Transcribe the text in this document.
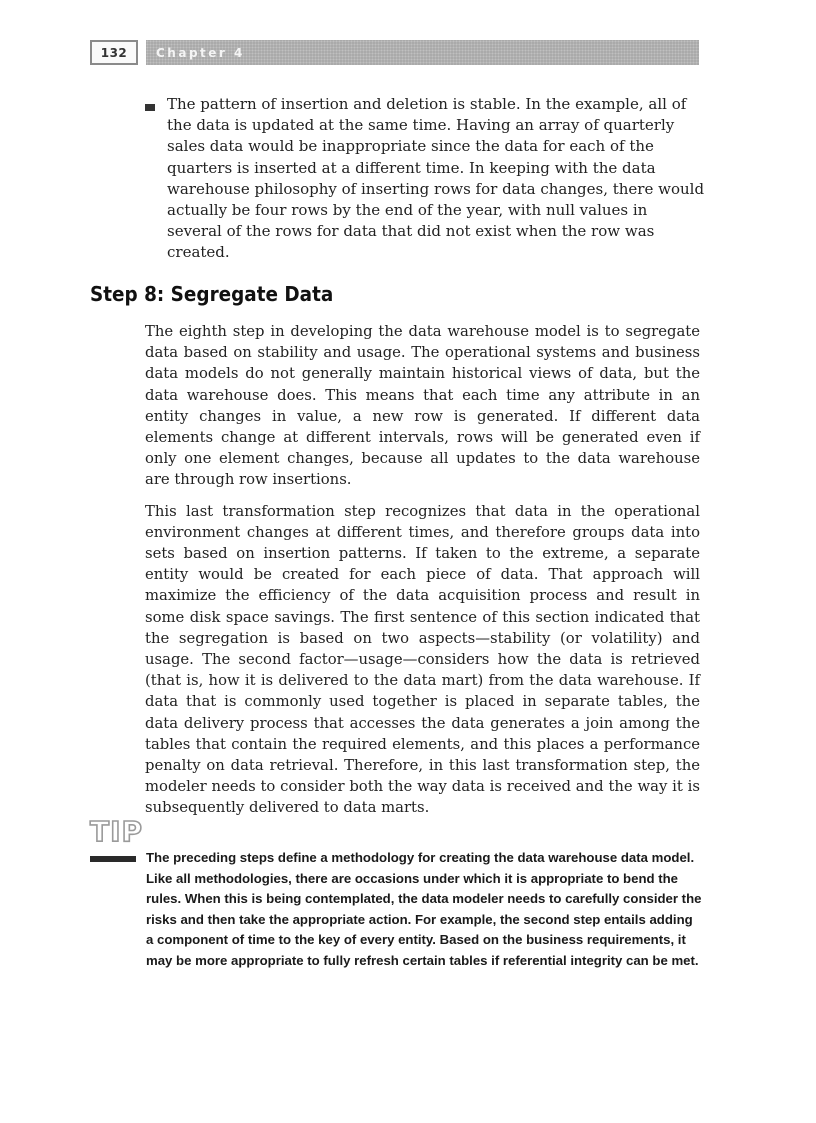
132	Chapter 4

The pattern of insertion and deletion is stable. In the example, all of the data is updated at the same time. Having an array of quarterly sales data would be inappropriate since the data for each of the quarters is inserted at a different time. In keeping with the data warehouse philosophy of inserting rows for data changes, there would actually be four rows by the end of the year, with null values in several of the rows for data that did not exist when the row was created.

Step 8: Segregate Data

The eighth step in developing the data warehouse model is to segregate data based on stability and usage. The operational systems and business data models do not generally maintain historical views of data, but the data warehouse does. This means that each time any attribute in an entity changes in value, a new row is generated. If different data elements change at different intervals, rows will be generated even if only one element changes, because all updates to the data warehouse are through row insertions.

This last transformation step recognizes that data in the operational environment changes at different times, and therefore groups data into sets based on insertion patterns. If taken to the extreme, a separate entity would be created for each piece of data. That approach will maximize the efficiency of the data acquisition process and result in some disk space savings. The first sentence of this section indicated that the segregation is based on two aspects—stability (or volatility) and usage. The second factor—usage—considers how the data is retrieved (that is, how it is delivered to the data mart) from the data warehouse. If data that is commonly used together is placed in separate tables, the data delivery process that accesses the data generates a join among the tables that contain the required elements, and this places a performance penalty on data retrieval. Therefore, in this last transformation step, the modeler needs to consider both the way data is received and the way it is subsequently delivered to data marts.

TIP

The preceding steps define a methodology for creating the data warehouse data model. Like all methodologies, there are occasions under which it is appropriate to bend the rules. When this is being contemplated, the data modeler needs to carefully consider the risks and then take the appropriate action. For example, the second step entails adding a component of time to the key of every entity. Based on the business requirements, it may be more appropriate to fully refresh certain tables if referential integrity can be met.
